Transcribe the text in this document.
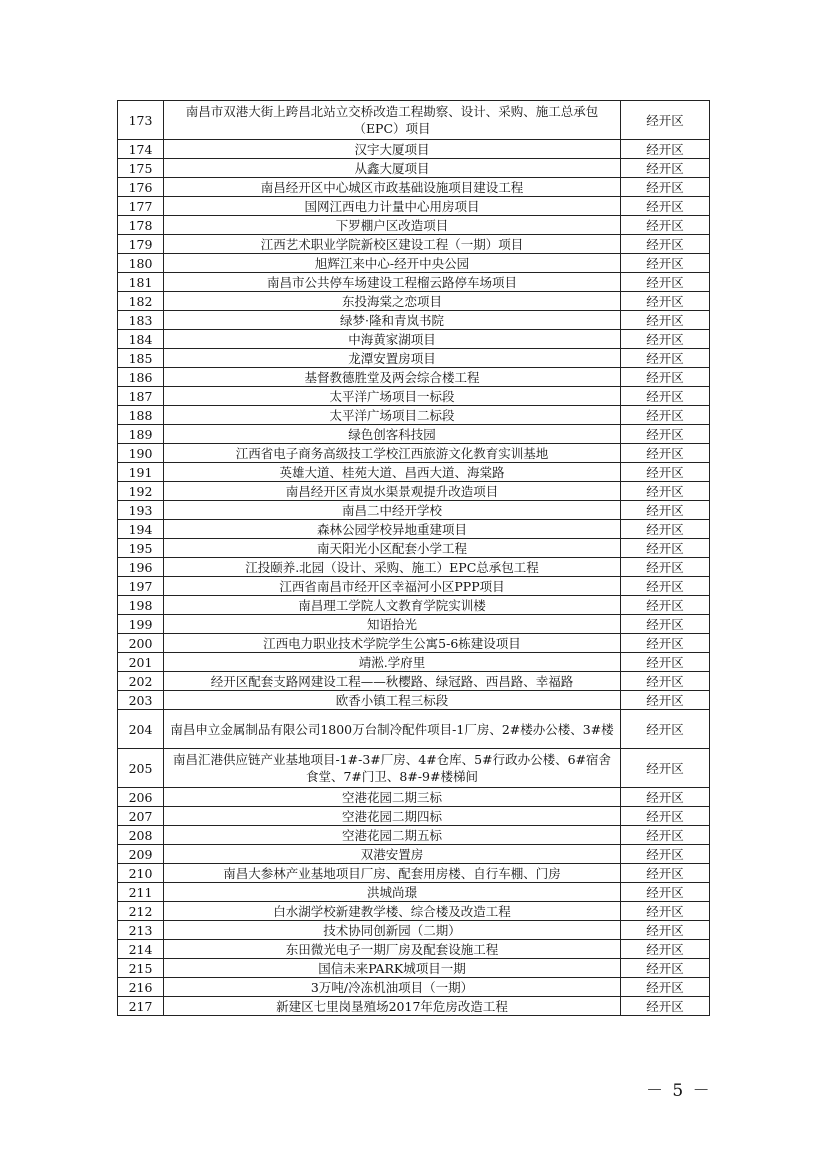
173	南昌市双港大街上跨昌北站立交桥改造工程勘察、设计、采购、施工总承包（EPC）项目	经开区
174	汉宇大厦项目	经开区
175	从鑫大厦项目	经开区
176	南昌经开区中心城区市政基础设施项目建设工程	经开区
177	国网江西电力计量中心用房项目	经开区
178	下罗棚户区改造项目	经开区
179	江西艺术职业学院新校区建设工程（一期）项目	经开区
180	旭辉江来中心-经开中央公园	经开区
181	南昌市公共停车场建设工程榴云路停车场项目	经开区
182	东投海棠之恋项目	经开区
183	绿梦·隆和青岚书院	经开区
184	中海黄家湖项目	经开区
185	龙潭安置房项目	经开区
186	基督教德胜堂及两会综合楼工程	经开区
187	太平洋广场项目一标段	经开区
188	太平洋广场项目二标段	经开区
189	绿色创客科技园	经开区
190	江西省电子商务高级技工学校江西旅游文化教育实训基地	经开区
191	英雄大道、桂苑大道、昌西大道、海棠路	经开区
192	南昌经开区青岚水渠景观提升改造项目	经开区
193	南昌二中经开学校	经开区
194	森林公园学校异地重建项目	经开区
195	南天阳光小区配套小学工程	经开区
196	江投颐养.北园（设计、采购、施工）EPC总承包工程	经开区
197	江西省南昌市经开区幸福河小区PPP项目	经开区
198	南昌理工学院人文教育学院实训楼	经开区
199	知语拾光	经开区
200	江西电力职业技术学院学生公寓5-6栋建设项目	经开区
201	靖淞.学府里	经开区
202	经开区配套支路网建设工程——秋樱路、绿冠路、西昌路、幸福路	经开区
203	欧香小镇工程三标段	经开区
204	南昌申立金属制品有限公司1800万台制冷配件项目-1厂房、2#楼办公楼、3#楼	经开区
205	南昌汇港供应链产业基地项目-1#-3#厂房、4#仓库、5#行政办公楼、6#宿舍食堂、7#门卫、8#-9#楼梯间	经开区
206	空港花园二期三标	经开区
207	空港花园二期四标	经开区
208	空港花园二期五标	经开区
209	双港安置房	经开区
210	南昌大参林产业基地项目厂房、配套用房楼、自行车棚、门房	经开区
211	洪城尚璟	经开区
212	白水湖学校新建教学楼、综合楼及改造工程	经开区
213	技术协同创新园（二期）	经开区
214	东田微光电子一期厂房及配套设施工程	经开区
215	国信未来PARK城项目一期	经开区
216	3万吨/冷冻机油项目（一期）	经开区
217	新建区七里岗垦殖场2017年危房改造工程	经开区
－ 5 －
